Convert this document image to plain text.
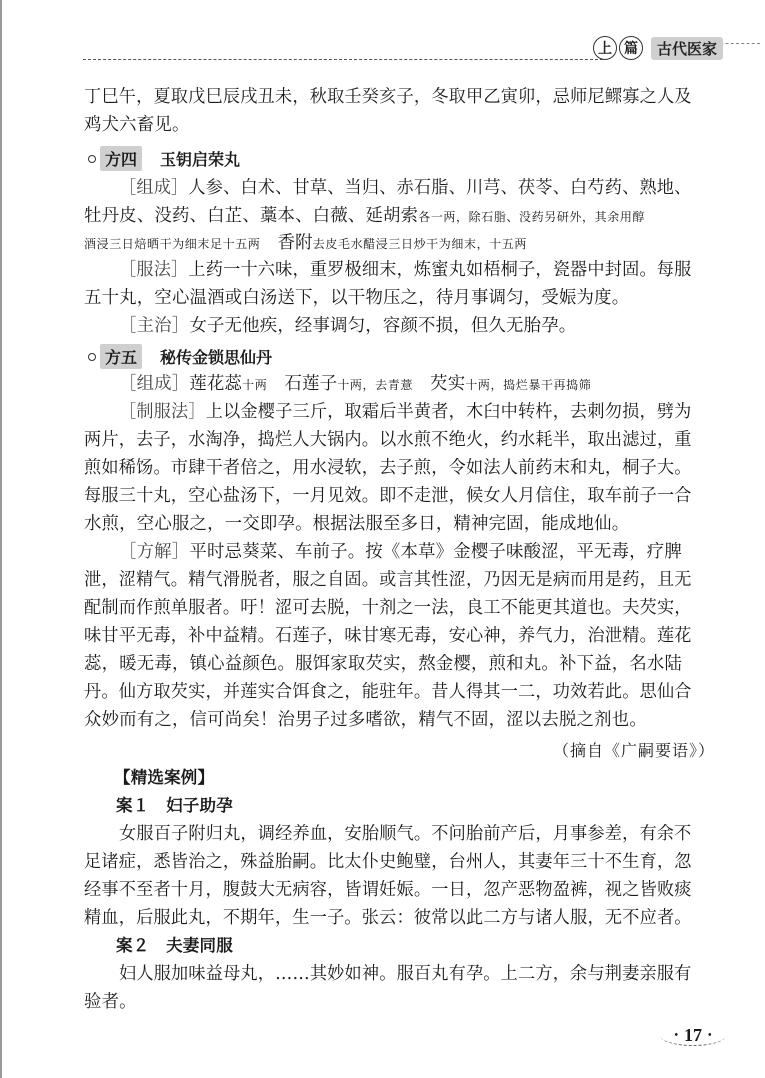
上 篇	古代医家
丁巳午，夏取戊巳辰戌丑未，秋取壬癸亥子，冬取甲乙寅卯，忌师尼鳏寡之人及
鸡犬六畜见。
方四	玉钥启荣丸
［组成］人参、白术、甘草、当归、赤石脂、川芎、茯苓、白芍药、熟地、
牡丹皮、没药、白芷、藁本、白薇、延胡索各一两，除石脂、没药另研外，其余用醇
酒浸三日焙晒干为细末足十五两 香附去皮毛水醋浸三日炒干为细末，十五两
［服法］上药一十六味，重罗极细末，炼蜜丸如梧桐子，瓷器中封固。每服
五十丸，空心温酒或白汤送下，以干物压之，待月事调匀，受娠为度。
［主治］女子无他疾，经事调匀，容颜不损，但久无胎孕。
方五	秘传金锁思仙丹
［组成］莲花蕊十两 石莲子十两，去青薏 芡实十两，捣烂暴干再捣筛
［制服法］上以金樱子三斤，取霜后半黄者，木臼中转杵，去刺勿损，劈为
两片，去子，水淘净，捣烂人大锅内。以水煎不绝火，约水耗半，取出滤过，重
煎如稀饧。市肆干者倍之，用水浸软，去子煎，令如法人前药末和丸，桐子大。
每服三十丸，空心盐汤下，一月见效。即不走泄，候女人月信住，取车前子一合
水煎，空心服之，一交即孕。根据法服至多日，精神完固，能成地仙。
［方解］平时忌葵菜、车前子。按《本草》金樱子味酸涩，平无毒，疗脾
泄，涩精气。精气滑脱者，服之自固。或言其性涩，乃因无是病而用是药，且无
配制而作煎单服者。吁！涩可去脱，十剂之一法，良工不能更其道也。夫芡实，
味甘平无毒，补中益精。石莲子，味甘寒无毒，安心神，养气力，治泄精。莲花
蕊，暖无毒，镇心益颜色。服饵家取芡实，熬金樱，煎和丸。补下益，名水陆
丹。仙方取芡实，并莲实合饵食之，能驻年。昔人得其一二，功效若此。思仙合
众妙而有之，信可尚矣！治男子过多嗜欲，精气不固，涩以去脱之剂也。
（摘自《广嗣要语》）
【精选案例】
案１　妇子助孕
女服百子附归丸，调经养血，安胎顺气。不问胎前产后，月事参差，有余不
足诸症，悉皆治之，殊益胎嗣。比太仆史鲍璧，台州人，其妻年三十不生育，忽
经事不至者十月，腹鼓大无病容，皆谓妊娠。一日，忽产恶物盈裤，视之皆败痰
精血，后服此丸，不期年，生一子。张云：彼常以此二方与诸人服，无不应者。
案２　夫妻同服
妇人服加味益母丸，……其妙如神。服百丸有孕。上二方，余与荆妻亲服有
验者。
• 17 •
